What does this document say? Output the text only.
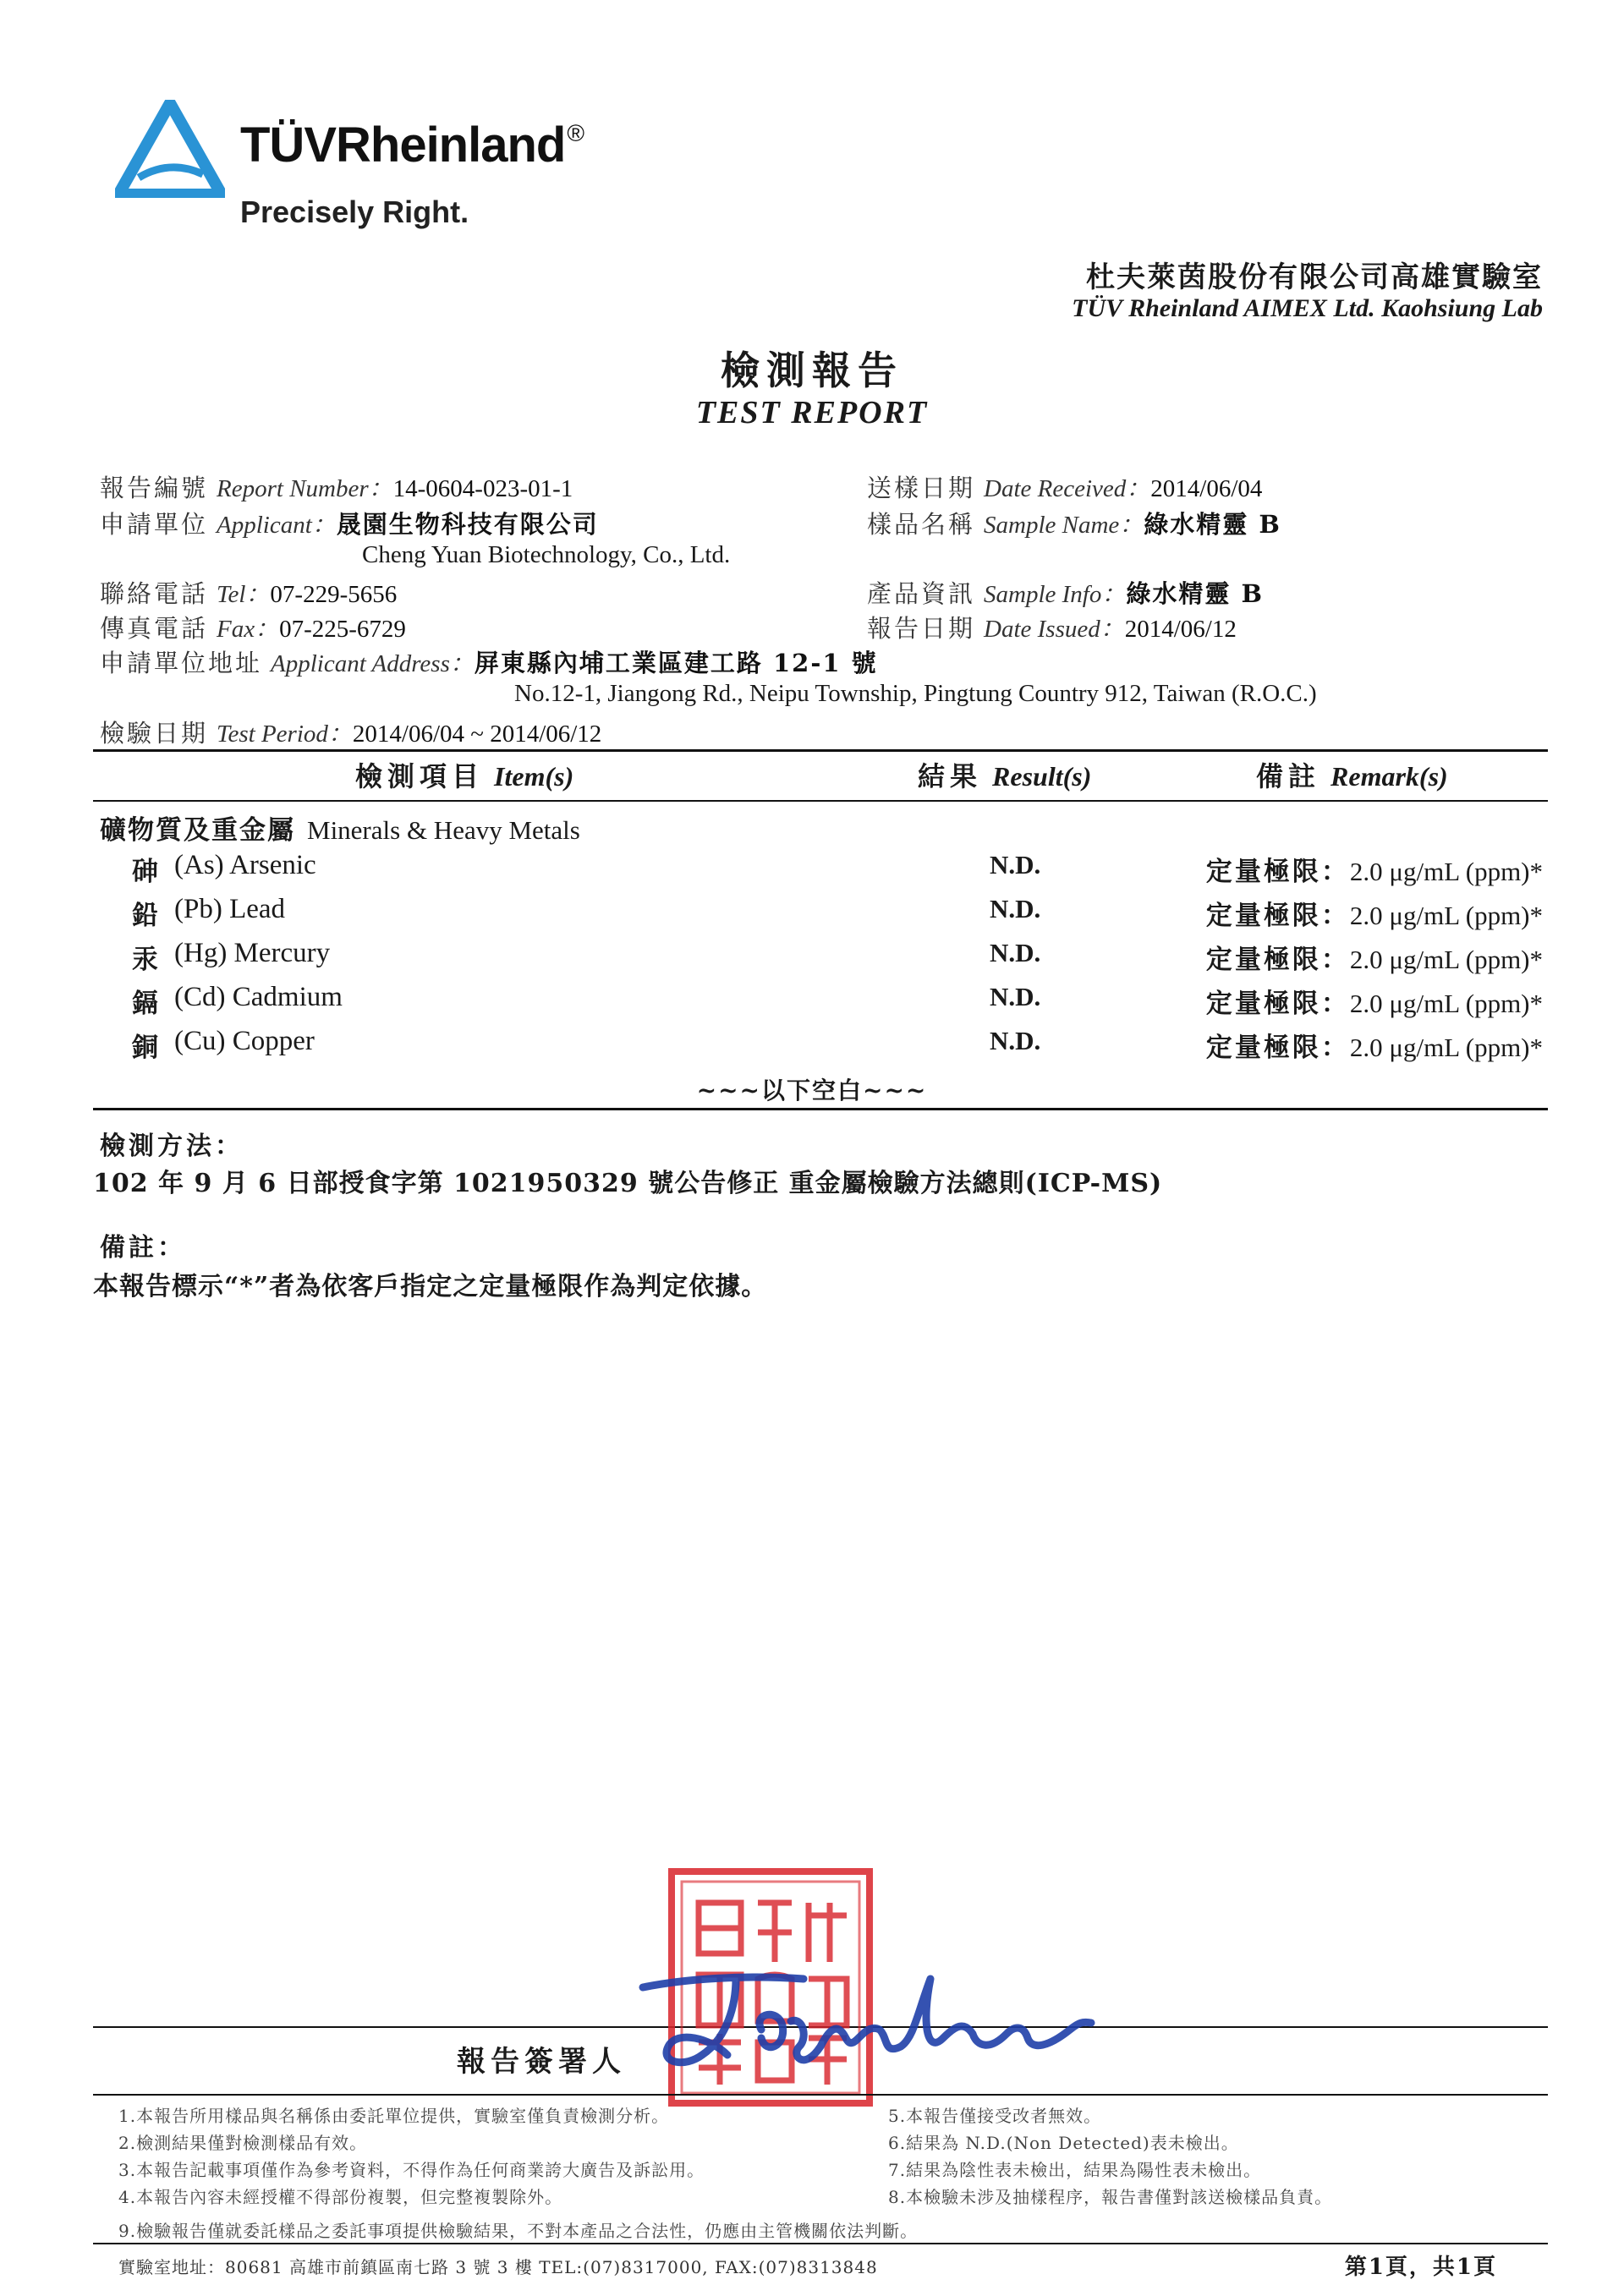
TÜVRheinland®
Precisely Right.
杜夫萊茵股份有限公司高雄實驗室
TÜV Rheinland AIMEX Ltd. Kaohsiung Lab
檢測報告
TEST REPORT
報告編號 Report Number：14-0604-023-01-1
申請單位 Applicant：晟園生物科技有限公司
Cheng Yuan Biotechnology, Co., Ltd.
聯絡電話 Tel：07-229-5656
傳真電話 Fax：07-225-6729
申請單位地址 Applicant Address：屏東縣內埔工業區建工路 12-1 號
No.12-1, Jiangong Rd., Neipu Township, Pingtung Country 912, Taiwan (R.O.C.)
檢驗日期 Test Period：2014/06/04 ~ 2014/06/12
送樣日期 Date Received：2014/06/04
樣品名稱 Sample Name：綠水精靈 B
產品資訊 Sample Info：綠水精靈 B
報告日期 Date Issued：2014/06/12
檢測項目 Item(s)	結果 Result(s)	備註 Remark(s)
礦物質及重金屬 Minerals & Heavy Metals
砷 (As) Arsenic	N.D.	定量極限：2.0 μg/mL (ppm)*
鉛 (Pb) Lead	N.D.	定量極限：2.0 μg/mL (ppm)*
汞 (Hg) Mercury	N.D.	定量極限：2.0 μg/mL (ppm)*
鎘 (Cd) Cadmium	N.D.	定量極限：2.0 μg/mL (ppm)*
銅 (Cu) Copper	N.D.	定量極限：2.0 μg/mL (ppm)*
~~~以下空白~~~
檢測方法：
102 年 9 月 6 日部授食字第 1021950329 號公告修正 重金屬檢驗方法總則(ICP-MS)
備註：
本報告標示“*”者為依客戶指定之定量極限作為判定依據。
報告簽署人
1.本報告所用樣品與名稱係由委託單位提供，實驗室僅負責檢測分析。
2.檢測結果僅對檢測樣品有效。
3.本報告記載事項僅作為參考資料，不得作為任何商業誇大廣告及訴訟用。
4.本報告內容未經授權不得部份複製，但完整複製除外。
9.檢驗報告僅就委託樣品之委託事項提供檢驗結果，不對本產品之合法性，仍應由主管機關依法判斷。
5.本報告僅接受改者無效。
6.結果為 N.D.(Non Detected)表未檢出。
7.結果為陰性表未檢出，結果為陽性表未檢出。
8.本檢驗未涉及抽樣程序，報告書僅對該送檢樣品負責。
實驗室地址：80681 高雄市前鎮區南七路 3 號 3 樓 TEL:(07)8317000, FAX:(07)8313848	第1頁，共1頁
